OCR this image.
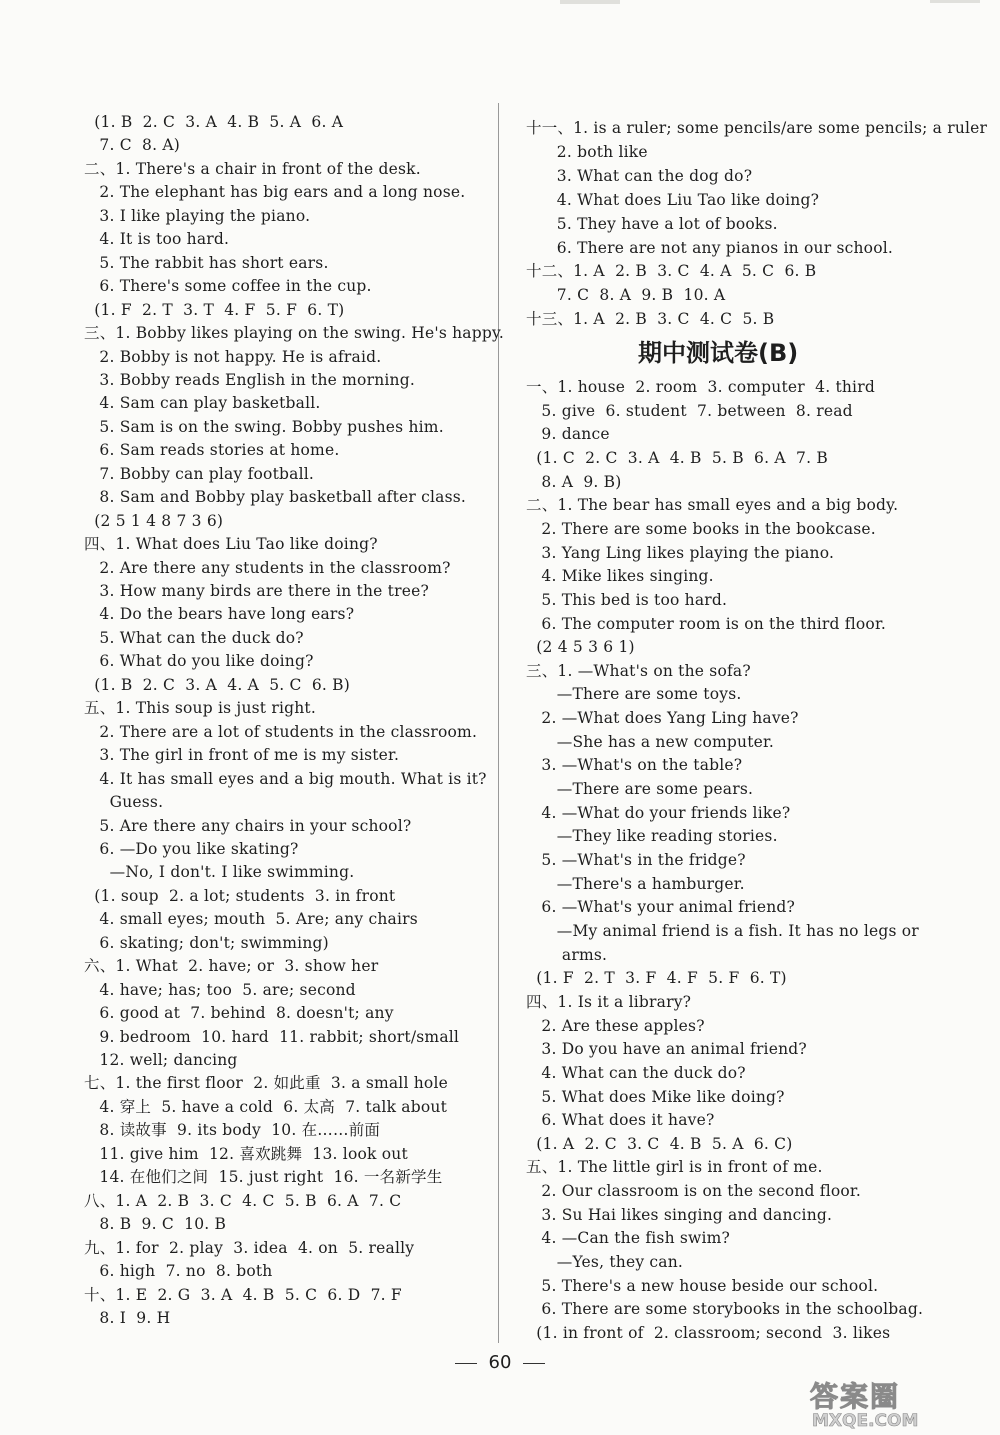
(1. B  2. C  3. A  4. B  5. A  6. A
7. C  8. A)
二、1. There's a chair in front of the desk.
2. The elephant has big ears and a long nose.
3. I like playing the piano.
4. It is too hard.
5. The rabbit has short ears.
6. There's some coffee in the cup.
(1. F  2. T  3. T  4. F  5. F  6. T)
三、1. Bobby likes playing on the swing. He's happy.
2. Bobby is not happy. He is afraid.
3. Bobby reads English in the morning.
4. Sam can play basketball.
5. Sam is on the swing. Bobby pushes him.
6. Sam reads stories at home.
7. Bobby can play football.
8. Sam and Bobby play basketball after class.
(2 5 1 4 8 7 3 6)
四、1. What does Liu Tao like doing?
2. Are there any students in the classroom?
3. How many birds are there in the tree?
4. Do the bears have long ears?
5. What can the duck do?
6. What do you like doing?
(1. B  2. C  3. A  4. A  5. C  6. B)
五、1. This soup is just right.
2. There are a lot of students in the classroom.
3. The girl in front of me is my sister.
4. It has small eyes and a big mouth. What is it?
Guess.
5. Are there any chairs in your school?
6. —Do you like skating?
—No, I don't. I like swimming.
(1. soup  2. a lot; students  3. in front
4. small eyes; mouth  5. Are; any chairs
6. skating; don't; swimming)
六、1. What  2. have; or  3. show her
4. have; has; too  5. are; second
6. good at  7. behind  8. doesn't; any
9. bedroom  10. hard  11. rabbit; short/small
12. well; dancing
七、1. the first floor  2. 如此重  3. a small hole
4. 穿上  5. have a cold  6. 太高  7. talk about
8. 读故事  9. its body  10. 在……前面
11. give him  12. 喜欢跳舞  13. look out
14. 在他们之间  15. just right  16. 一名新学生
八、1. A  2. B  3. C  4. C  5. B  6. A  7. C
8. B  9. C  10. B
九、1. for  2. play  3. idea  4. on  5. really
6. high  7. no  8. both
十、1. E  2. G  3. A  4. B  5. C  6. D  7. F
8. I  9. H
期中测试卷(B)
十一、1. is a ruler; some pencils/are some pencils; a ruler
2. both like
3. What can the dog do?
4. What does Liu Tao like doing?
5. They have a lot of books.
6. There are not any pianos in our school.
十二、1. A  2. B  3. C  4. A  5. C  6. B
7. C  8. A  9. B  10. A
十三、1. A  2. B  3. C  4. C  5. B
一、1. house  2. room  3. computer  4. third
5. give  6. student  7. between  8. read
9. dance
(1. C  2. C  3. A  4. B  5. B  6. A  7. B
8. A  9. B)
二、1. The bear has small eyes and a big body.
2. There are some books in the bookcase.
3. Yang Ling likes playing the piano.
4. Mike likes singing.
5. This bed is too hard.
6. The computer room is on the third floor.
(2 4 5 3 6 1)
三、1. —What's on the sofa?
—There are some toys.
2. —What does Yang Ling have?
—She has a new computer.
3. —What's on the table?
—There are some pears.
4. —What do your friends like?
—They like reading stories.
5. —What's in the fridge?
—There's a hamburger.
6. —What's your animal friend?
—My animal friend is a fish. It has no legs or
arms.
(1. F  2. T  3. F  4. F  5. F  6. T)
四、1. Is it a library?
2. Are these apples?
3. Do you have an animal friend?
4. What can the duck do?
5. What does Mike like doing?
6. What does it have?
(1. A  2. C  3. C  4. B  5. A  6. C)
五、1. The little girl is in front of me.
2. Our classroom is on the second floor.
3. Su Hai likes singing and dancing.
4. —Can the fish swim?
—Yes, they can.
5. There's a new house beside our school.
6. There are some storybooks in the schoolbag.
(1. in front of  2. classroom; second  3. likes
60
答案圈
MXQE.COM
